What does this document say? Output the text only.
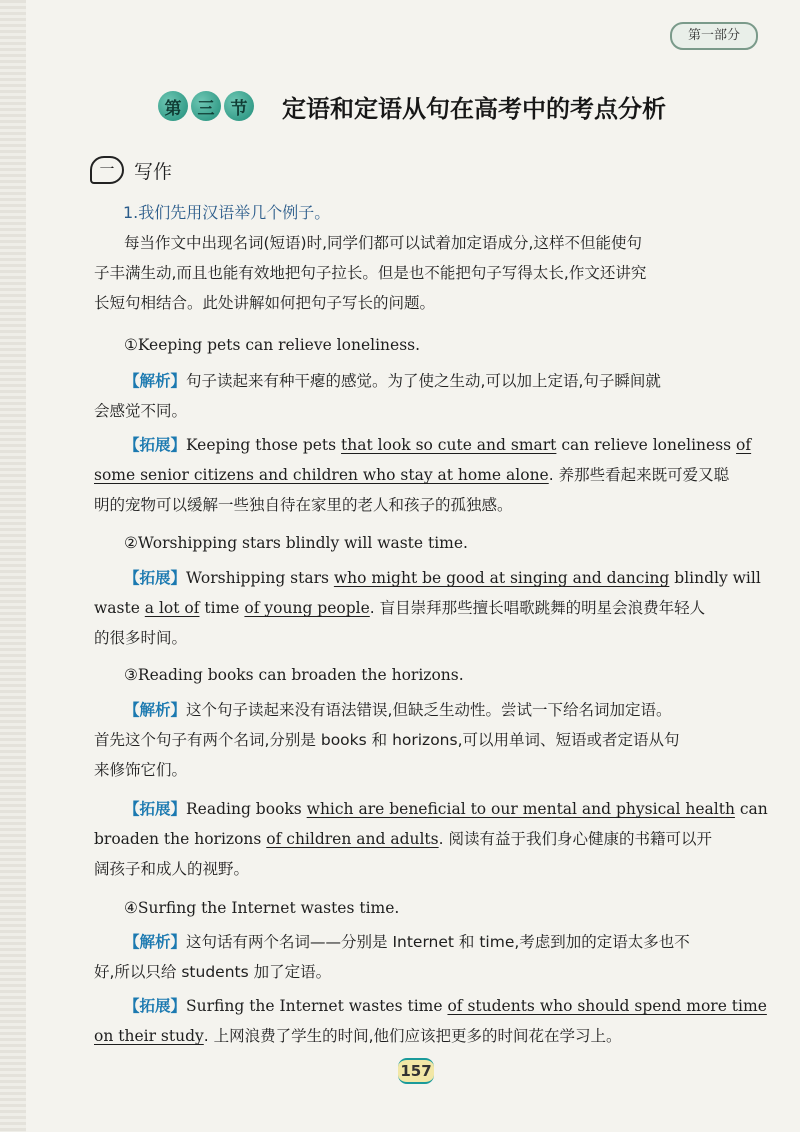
第一部分
第 三 节 定语和定语从句在高考中的考点分析
一	写作
1.我们先用汉语举几个例子。
每当作文中出现名词(短语)时,同学们都可以试着加定语成分,这样不但能使句
子丰满生动,而且也能有效地把句子拉长。但是也不能把句子写得太长,作文还讲究
长短句相结合。此处讲解如何把句子写长的问题。
①Keeping pets can relieve loneliness.
【解析】句子读起来有种干瘪的感觉。为了使之生动,可以加上定语,句子瞬间就
会感觉不同。
【拓展】Keeping those pets that look so cute and smart can relieve loneliness of
some senior citizens and children who stay at home alone. 养那些看起来既可爱又聪
明的宠物可以缓解一些独自待在家里的老人和孩子的孤独感。
②Worshipping stars blindly will waste time.
【拓展】Worshipping stars who might be good at singing and dancing blindly will
waste a lot of time of young people. 盲目崇拜那些擅长唱歌跳舞的明星会浪费年轻人
的很多时间。
③Reading books can broaden the horizons.
【解析】这个句子读起来没有语法错误,但缺乏生动性。尝试一下给名词加定语。
首先这个句子有两个名词,分别是 books 和 horizons,可以用单词、短语或者定语从句
来修饰它们。
【拓展】Reading books which are beneficial to our mental and physical health can
broaden the horizons of children and adults. 阅读有益于我们身心健康的书籍可以开
阔孩子和成人的视野。
④Surfing the Internet wastes time.
【解析】这句话有两个名词——分别是 Internet 和 time,考虑到加的定语太多也不
好,所以只给 students 加了定语。
【拓展】Surfing the Internet wastes time of students who should spend more time
on their study. 上网浪费了学生的时间,他们应该把更多的时间花在学习上。
157
